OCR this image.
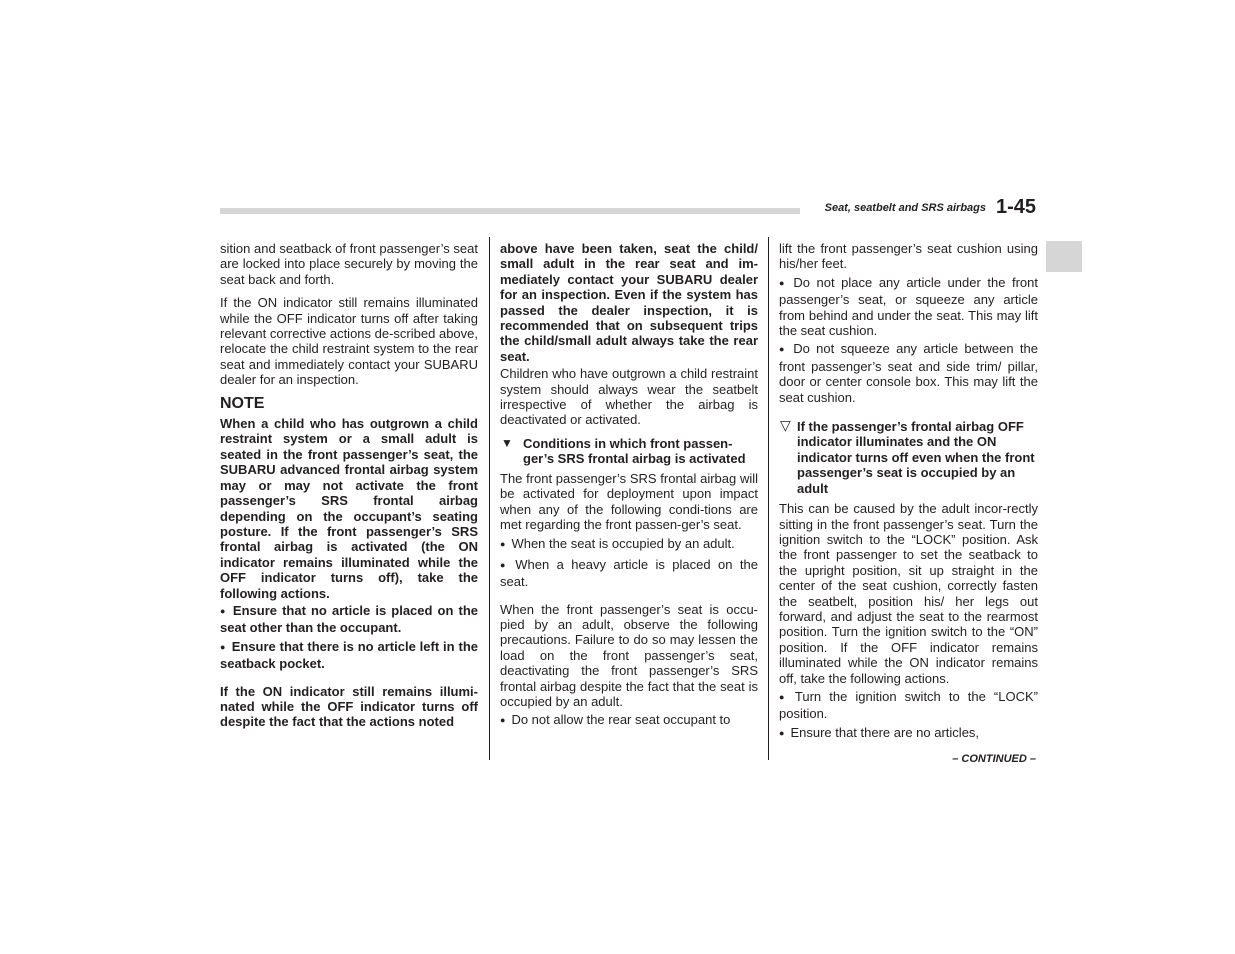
Seat, seatbelt and SRS airbags 1-45

sition and seatback of front passenger’s seat are locked into place securely by moving the seat back and forth.

If the ON indicator still remains illuminated while the OFF indicator turns off after taking relevant corrective actions de-scribed above, relocate the child restraint system to the rear seat and immediately contact your SUBARU dealer for an inspection.

NOTE

When a child who has outgrown a child restraint system or a small adult is seated in the front passenger’s seat, the SUBARU advanced frontal airbag system may or may not activate the front passenger’s SRS frontal airbag depending on the occupant’s seating posture. If the front passenger’s SRS frontal airbag is activated (the ON indicator remains illuminated while the OFF indicator turns off), take the following actions.

● Ensure that no article is placed on the seat other than the occupant.

● Ensure that there is no article left in the seatback pocket.

If the ON indicator still remains illumi-nated while the OFF indicator turns off despite the fact that the actions noted

above have been taken, seat the child/ small adult in the rear seat and im-mediately contact your SUBARU dealer for an inspection. Even if the system has passed the dealer inspection, it is recommended that on subsequent trips the child/small adult always take the rear seat.

Children who have outgrown a child restraint system should always wear the seatbelt irrespective of whether the airbag is deactivated or activated.

▼ Conditions in which front passen-ger’s SRS frontal airbag is activated

The front passenger’s SRS frontal airbag will be activated for deployment upon impact when any of the following condi-tions are met regarding the front passen-ger’s seat.

● When the seat is occupied by an adult.

● When a heavy article is placed on the seat.

When the front passenger’s seat is occu-pied by an adult, observe the following precautions. Failure to do so may lessen the load on the front passenger’s seat, deactivating the front passenger’s SRS frontal airbag despite the fact that the seat is occupied by an adult.

● Do not allow the rear seat occupant to

lift the front passenger’s seat cushion using his/her feet.

● Do not place any article under the front passenger’s seat, or squeeze any article from behind and under the seat. This may lift the seat cushion.

● Do not squeeze any article between the front passenger’s seat and side trim/ pillar, door or center console box. This may lift the seat cushion.

▽ If the passenger’s frontal airbag OFF indicator illuminates and the ON indicator turns off even when the front passenger’s seat is occupied by an adult

This can be caused by the adult incor-rectly sitting in the front passenger’s seat. Turn the ignition switch to the “LOCK” position. Ask the front passenger to set the seatback to the upright position, sit up straight in the center of the seat cushion, correctly fasten the seatbelt, position his/ her legs out forward, and adjust the seat to the rearmost position. Turn the ignition switch to the “ON” position. If the OFF indicator remains illuminated while the ON indicator remains off, take the following actions.

● Turn the ignition switch to the “LOCK” position.

● Ensure that there are no articles,

– CONTINUED –
